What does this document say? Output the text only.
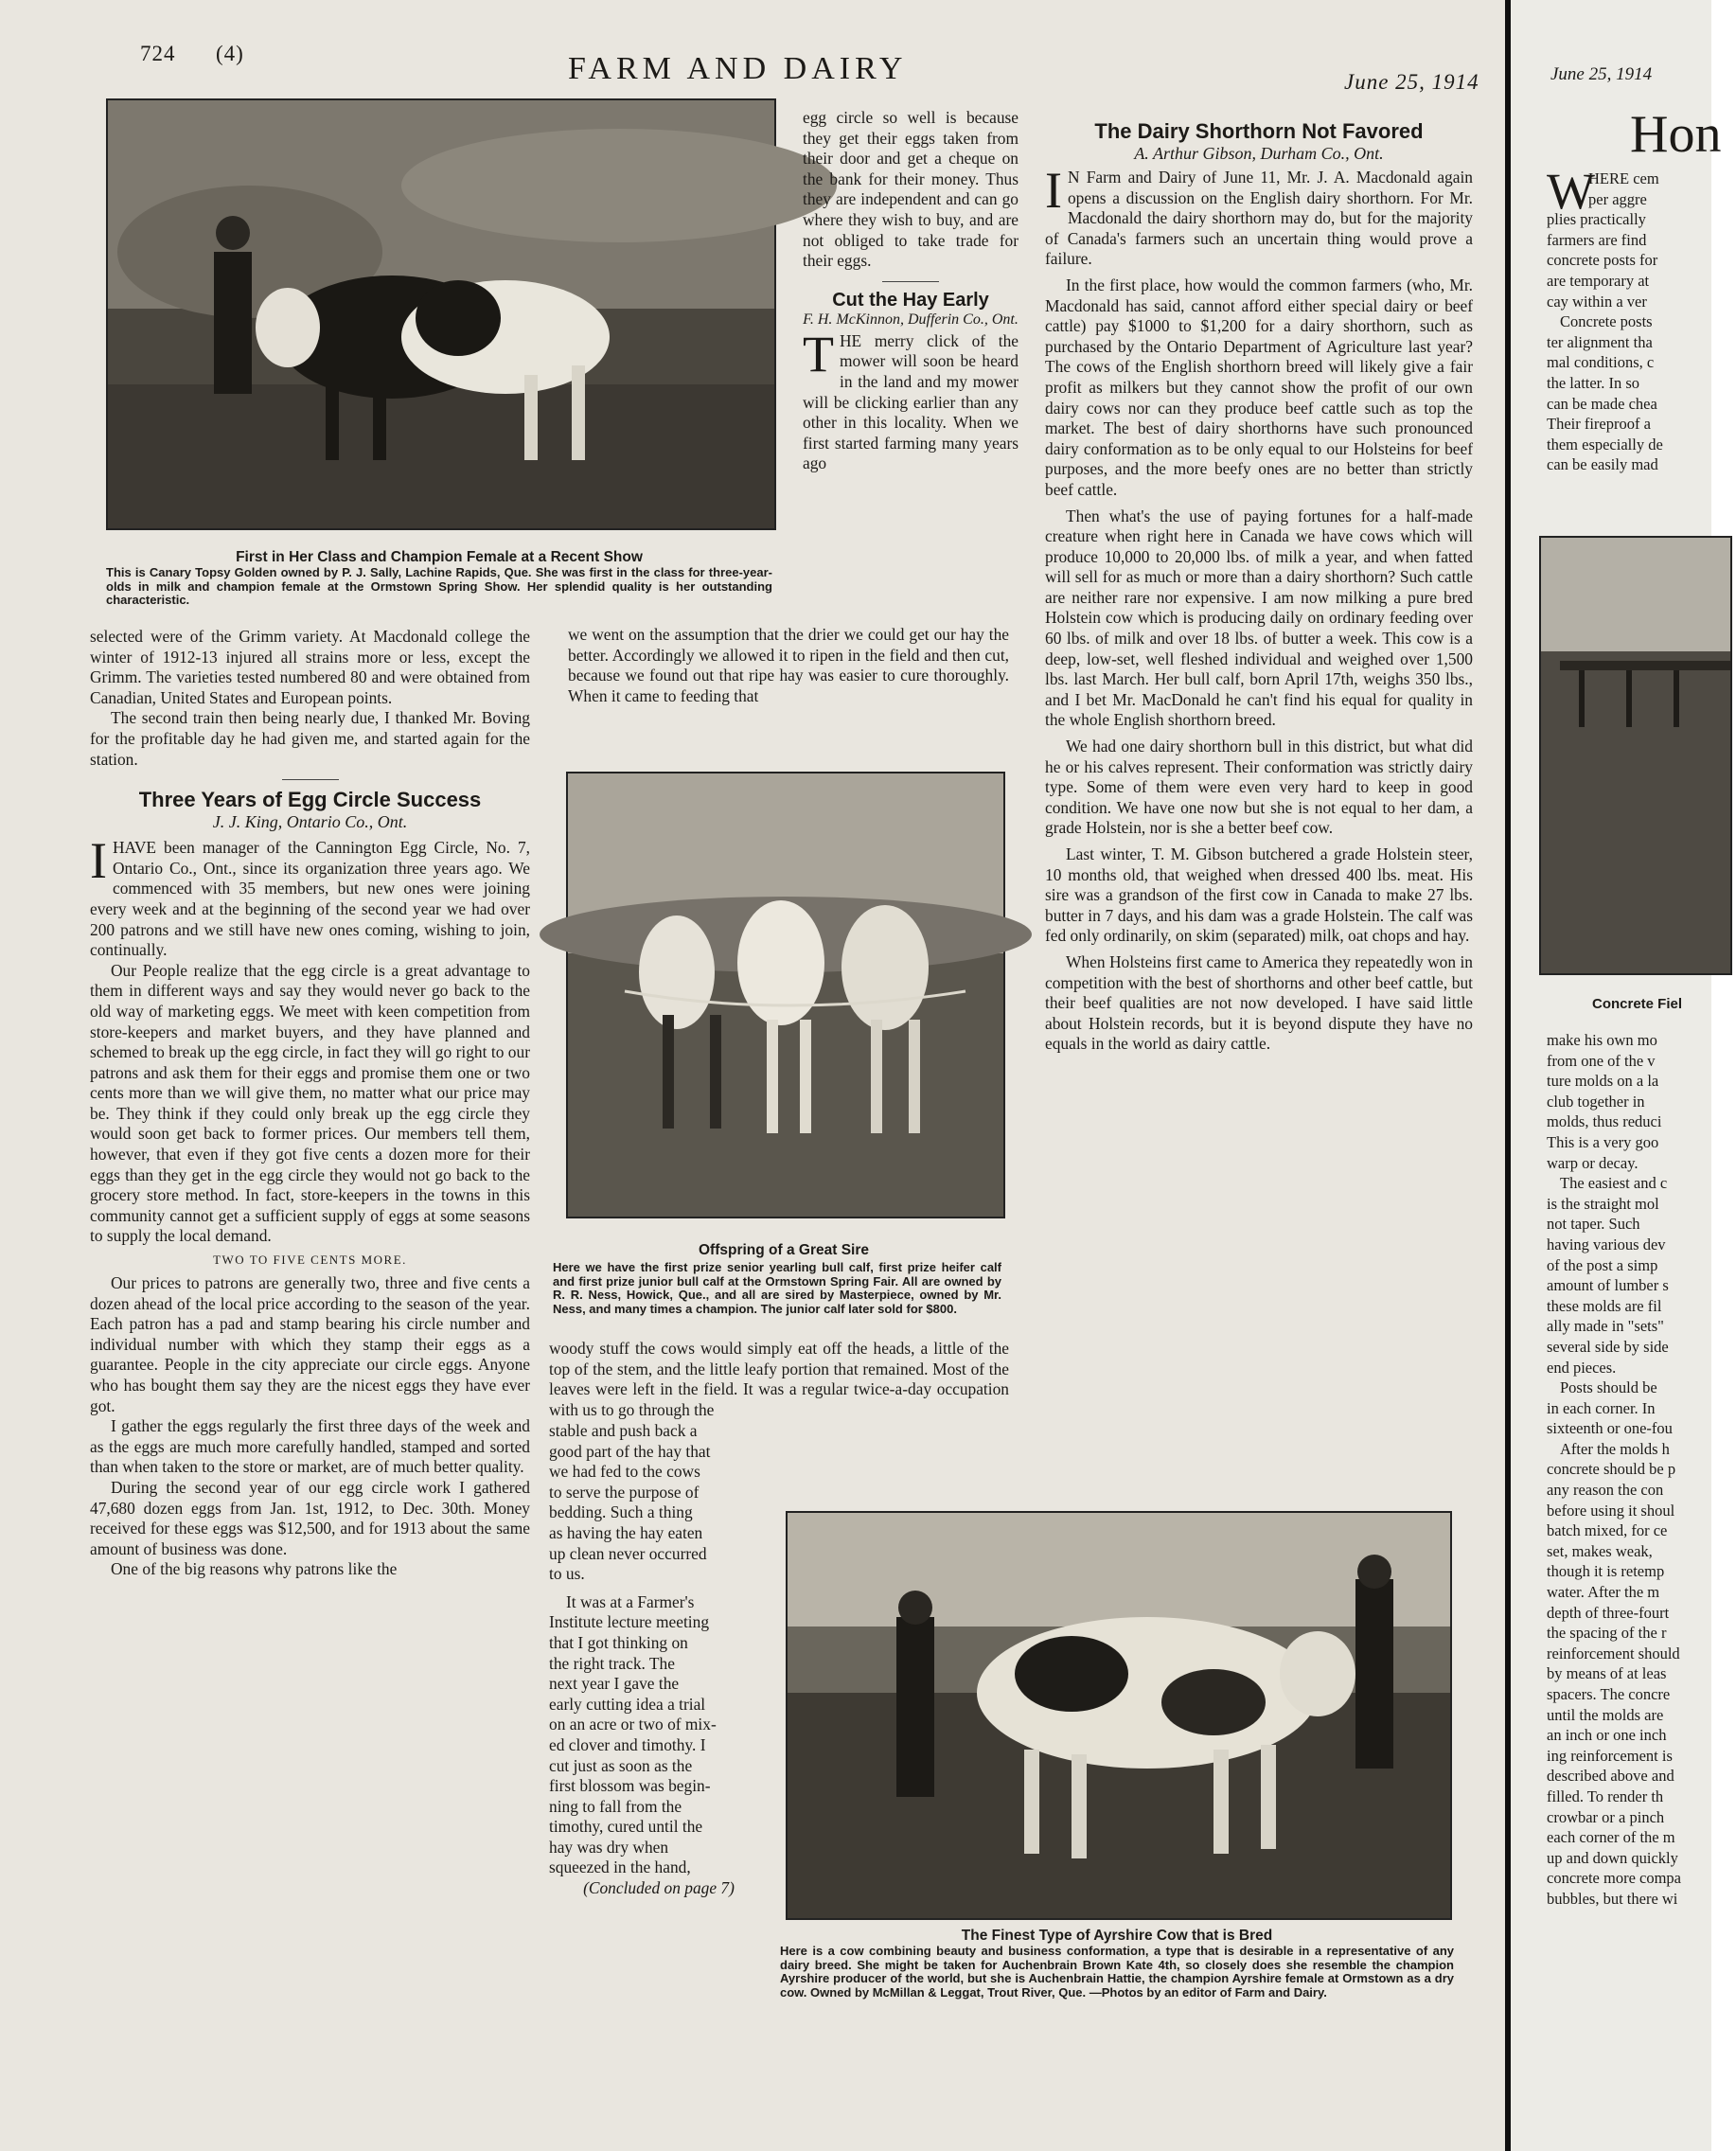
724 (4)	FARM AND DAIRY	June 25, 1914
First in Her Class and Champion Female at a Recent Show
This is Canary Topsy Golden owned by P. J. Sally, Lachine Rapids, Que. She was first in the class for three-year-olds in milk and champion female at the Ormstown Spring Show. Her splendid quality is her outstanding characteristic.

selected were of the Grimm variety. At Macdonald college the winter of 1912-13 injured all strains more or less, except the Grimm. The varieties tested numbered 80 and were obtained from Canadian, United States and European points.

The second train then being nearly due, I thanked Mr. Boving for the profitable day he had given me, and started again for the station.

Three Years of Egg Circle Success

J. J. King, Ontario Co., Ont.

IHAVE been manager of the Cannington Egg Circle, No. 7, Ontario Co., Ont., since its organization three years ago. We commenced with 35 members, but new ones were joining every week and at the beginning of the second year we had over 200 patrons and we still have new ones coming, wishing to join, continually.

Our People realize that the egg circle is a great advantage to them in different ways and say they would never go back to the old way of marketing eggs. We meet with keen competition from store-keepers and market buyers, and they have planned and schemed to break up the egg circle, in fact they will go right to our patrons and ask them for their eggs and promise them one or two cents more than we will give them, no matter what our price may be. They think if they could only break up the egg circle they would soon get back to former prices. Our members tell them, however, that even if they got five cents a dozen more for their eggs than they get in the egg circle they would not go back to the grocery store method. In fact, store-keepers in the towns in this community cannot get a sufficient supply of eggs at some seasons to supply the local demand.

TWO TO FIVE CENTS MORE.

Our prices to patrons are generally two, three and five cents a dozen ahead of the local price according to the season of the year. Each patron has a pad and stamp bearing his circle number and individual number with which they stamp their eggs as a guarantee. People in the city appreciate our circle eggs. Anyone who has bought them say they are the nicest eggs they have ever got.

I gather the eggs regularly the first three days of the week and as the eggs are much more carefully handled, stamped and sorted than when taken to the store or market, are of much better quality.

During the second year of our egg circle work I gathered 47,680 dozen eggs from Jan. 1st, 1912, to Dec. 30th. Money received for these eggs was $12,500, and for 1913 about the same amount of business was done.

One of the big reasons why patrons like the

egg circle so well is because they get their eggs taken from their door and get a cheque on the bank for their money. Thus they are independent and can go where they wish to buy, and are not obliged to take trade for their eggs.

Cut the Hay Early

F. H. McKinnon, Dufferin Co., Ont.

THE merry click of the mower will soon be heard in the land and my mower will be clicking earlier than any other in this locality. When we first started farming many years ago

we went on the assumption that the drier we could get our hay the better. Accordingly we allowed it to ripen in the field and then cut, because we found out that ripe hay was easier to cure thoroughly. When it came to feeding that

Offspring of a Great Sire
Here we have the first prize senior yearling bull calf, first prize heifer calf and first prize junior bull calf at the Ormstown Spring Fair. All are owned by R. R. Ness, Howick, Que., and all are sired by Masterpiece, owned by Mr. Ness, and many times a champion. The junior calf later sold for $800.

woody stuff the cows would simply eat off the heads, a little of the top of the stem, and the little leafy portion that remained. Most of the leaves were left in the field. It was a regular twice-a-day occupation with us to go through the

stable and push back a

good part of the hay that

we had fed to the cows

to serve the purpose of

bedding. Such a thing

as having the hay eaten

up clean never occurred

to us.

It was at a Farmer's

Institute lecture meeting

that I got thinking on

the right track. The

next year I gave the

early cutting idea a trial

on an acre or two of mix-

ed clover and timothy. I

cut just as soon as the

first blossom was begin-

ning to fall from the

timothy, cured until the

hay was dry when

squeezed in the hand,

(Concluded on page 7)

The Dairy Shorthorn Not Favored

A. Arthur Gibson, Durham Co., Ont.

I N Farm and Dairy of June 11, Mr. J. A. Macdonald again opens a discussion on the English dairy shorthorn. For Mr. Macdonald the dairy shorthorn may do, but for the majority of Canada's farmers such an uncertain thing would prove a failure.

In the first place, how would the common farmers (who, Mr. Macdonald has said, cannot afford either special dairy or beef cattle) pay $1000 to $1,200 for a dairy shorthorn, such as purchased by the Ontario Department of Agriculture last year? The cows of the English shorthorn breed will likely give a fair profit as milkers but they cannot show the profit of our own dairy cows nor can they produce beef cattle such as top the market. The best of dairy shorthorns have such pronounced dairy conformation as to be only equal to our Holsteins for beef purposes, and the more beefy ones are no better than strictly beef cattle.

Then what's the use of paying fortunes for a half-made creature when right here in Canada we have cows which will produce 10,000 to 20,000 lbs. of milk a year, and when fatted will sell for as much or more than a dairy shorthorn? Such cattle are neither rare nor expensive. I am now milking a pure bred Holstein cow which is producing daily on ordinary feeding over 60 lbs. of milk and over 18 lbs. of butter a week. This cow is a deep, low-set, well fleshed individual and weighed over 1,500 lbs. last March. Her bull calf, born April 17th, weighs 350 lbs., and I bet Mr. MacDonald he can't find his equal for quality in the whole English shorthorn breed.

We had one dairy shorthorn bull in this district, but what did he or his calves represent. Their conformation was strictly dairy type. Some of them were even very hard to keep in good condition. We have one now but she is not equal to her dam, a grade Holstein, nor is she a better beef cow.

Last winter, T. M. Gibson butchered a grade Holstein steer, 10 months old, that weighed when dressed 400 lbs. meat. His sire was a grandson of the first cow in Canada to make 27 lbs. butter in 7 days, and his dam was a grade Holstein. The calf was fed only ordinarily, on skim (separated) milk, oat chops and hay.

When Holsteins first came to America they repeatedly won in competition with the best of shorthorns and other beef cattle, but their beef qualities are not now developed. I have said little about Holstein records, but it is beyond dispute they have no equals in the world as dairy cattle.

The Finest Type of Ayrshire Cow that is Bred
Here is a cow combining beauty and business conformation, a type that is desirable in a representative of any dairy breed. She might be taken for Auchenbrain Brown Kate 4th, so closely does she resemble the champion Ayrshire producer of the world, but she is Auchenbrain Hattie, the champion Ayrshire female at Ormstown as a dry cow. Owned by McMillan & Leggat, Trout River, Que. —Photos by an editor of Farm and Dairy.
June 25, 1914
Hon
W
HERE cem
per aggre
plies practically
farmers are find
concrete posts for
are temporary at
cay within a ver
Concrete posts
ter alignment tha
mal conditions, c
the latter. In so
can be made chea
Their fireproof a
them especially de
can be easily mad
Concrete Fiel
make his own mo
from one of the v
ture molds on a la
club together in
molds, thus reduci
This is a very goo
warp or decay.
The easiest and c
is the straight mol
not taper. Such
having various dev
of the post a simp
amount of lumber s
these molds are fil
ally made in "sets"
several side by side
end pieces.
Posts should be
in each corner. In
sixteenth or one-fou
After the molds h
concrete should be p
any reason the con
before using it shoul
batch mixed, for ce
set, makes weak,
though it is retemp
water. After the m
depth of three-fourt
the spacing of the r
reinforcement should
by means of at leas
spacers. The concre
until the molds are
an inch or one inch
ing reinforcement is
described above and
filled. To render th
crowbar or a pinch
each corner of the m
up and down quickly
concrete more compa
bubbles, but there wi
